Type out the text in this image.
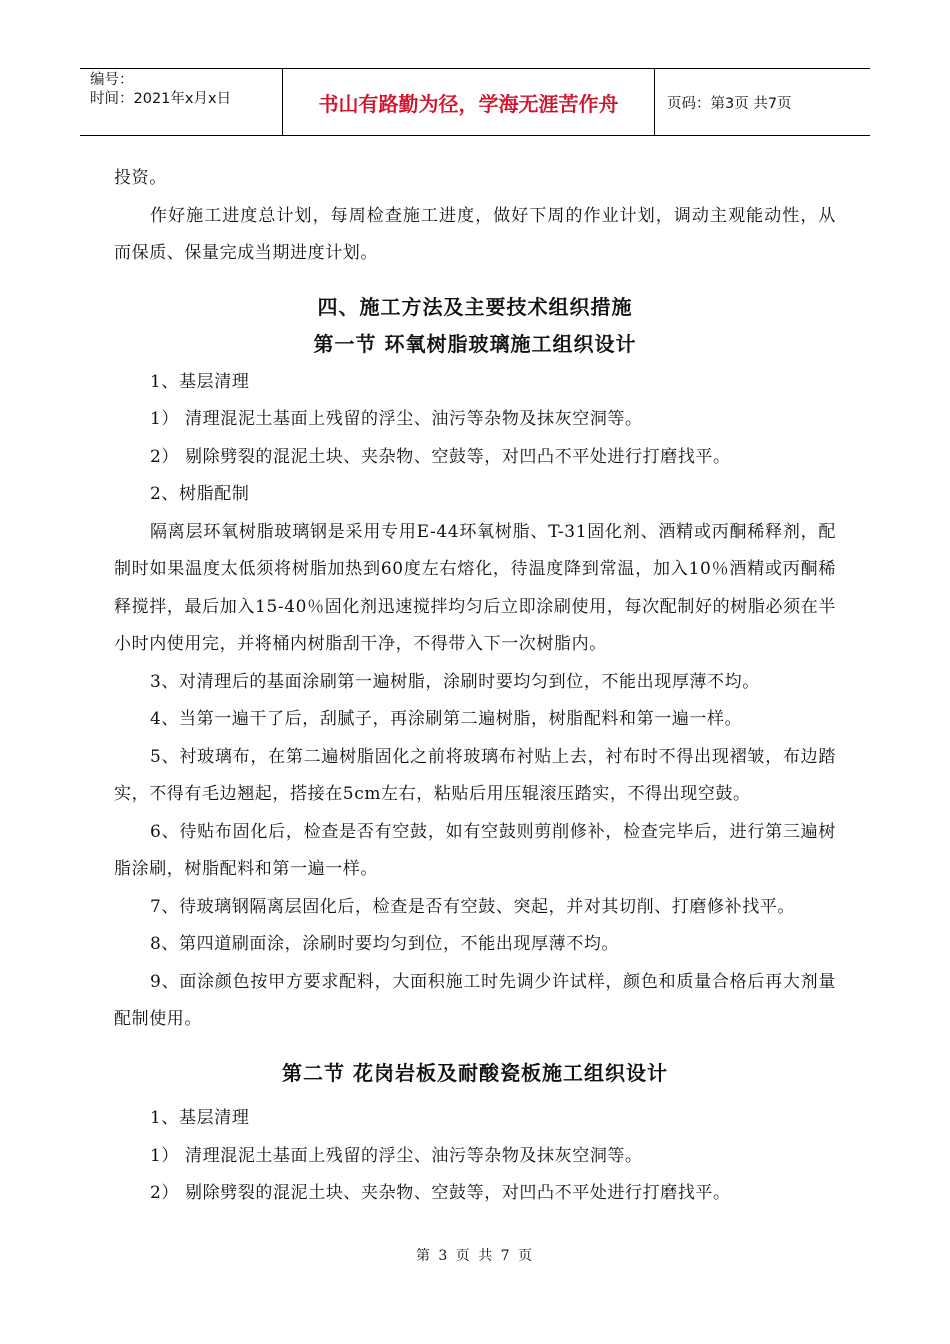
编号：
时间：2021年x月x日	书山有路勤为径，学海无涯苦作舟	页码：第3页 共7页

投资。

作好施工进度总计划，每周检查施工进度，做好下周的作业计划，调动主观能动性，从而保质、保量完成当期进度计划。

四、施工方法及主要技术组织措施

第一节 环氧树脂玻璃施工组织设计

1、基层清理

1） 清理混泥土基面上残留的浮尘、油污等杂物及抹灰空洞等。

2） 剔除劈裂的混泥土块、夹杂物、空鼓等，对凹凸不平处进行打磨找平。

2、树脂配制

隔离层环氧树脂玻璃钢是采用专用E-44环氧树脂、T-31固化剂、酒精或丙酮稀释剂，配制时如果温度太低须将树脂加热到60度左右熔化，待温度降到常温，加入10％酒精或丙酮稀释搅拌，最后加入15-40％固化剂迅速搅拌均匀后立即涂刷使用，每次配制好的树脂必须在半小时内使用完，并将桶内树脂刮干净，不得带入下一次树脂内。

3、对清理后的基面涂刷第一遍树脂，涂刷时要均匀到位，不能出现厚薄不均。

4、当第一遍干了后，刮腻子，再涂刷第二遍树脂，树脂配料和第一遍一样。

5、衬玻璃布，在第二遍树脂固化之前将玻璃布衬贴上去，衬布时不得出现褶皱，布边踏实，不得有毛边翘起，搭接在5cm左右，粘贴后用压辊滚压踏实，不得出现空鼓。

6、待贴布固化后，检查是否有空鼓，如有空鼓则剪削修补，检查完毕后，进行第三遍树脂涂刷，树脂配料和第一遍一样。

7、待玻璃钢隔离层固化后，检查是否有空鼓、突起，并对其切削、打磨修补找平。

8、第四道刷面涂，涂刷时要均匀到位，不能出现厚薄不均。

9、面涂颜色按甲方要求配料，大面积施工时先调少许试样，颜色和质量合格后再大剂量配制使用。

第二节 花岗岩板及耐酸瓷板施工组织设计

1、基层清理

1） 清理混泥土基面上残留的浮尘、油污等杂物及抹灰空洞等。

2） 剔除劈裂的混泥土块、夹杂物、空鼓等，对凹凸不平处进行打磨找平。

第 3 页 共 7 页
